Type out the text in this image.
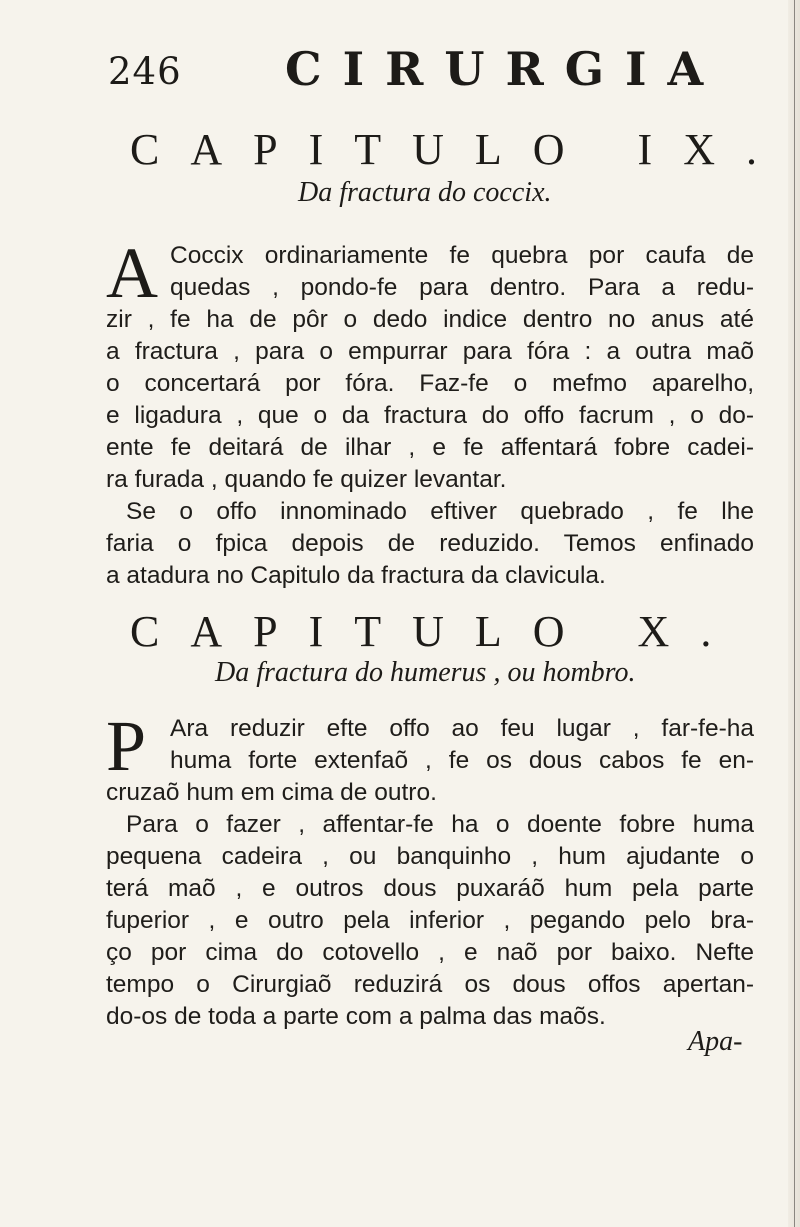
246 CIRURGIA
CAPITULO IX.
Da fractura do coccix.
A Coccix ordinariamente fe quebra por caufa de
quedas , pondo-fe para dentro. Para a redu-
zir , fe ha de pôr o dedo indice dentro no anus até
a fractura , para o empurrar para fóra : a outra maõ
o concertará por fóra. Faz-fe o mefmo aparelho,
e ligadura , que o da fractura do offo facrum , o do-
ente fe deitará de ilhar , e fe affentará fobre cadei-
ra furada , quando fe quizer levantar.
Se o offo innominado eftiver quebrado , fe lhe
faria o fpica depois de reduzido. Temos enfinado
a atadura no Capitulo da fractura da clavicula.
CAPITULO X.
Da fractura do humerus , ou hombro.
P Ara reduzir efte offo ao feu lugar , far-fe-ha
huma forte extenfaõ , fe os dous cabos fe en-
cruzaõ hum em cima de outro.
Para o fazer , affentar-fe ha o doente fobre huma
pequena cadeira , ou banquinho , hum ajudante o
terá maõ , e outros dous puxaráõ hum pela parte
fuperior , e outro pela inferior , pegando pelo bra-
ço por cima do cotovello , e naõ por baixo. Nefte
tempo o Cirurgiaõ reduzirá os dous offos apertan-
do-os de toda a parte com a palma das maõs.
Apa-
